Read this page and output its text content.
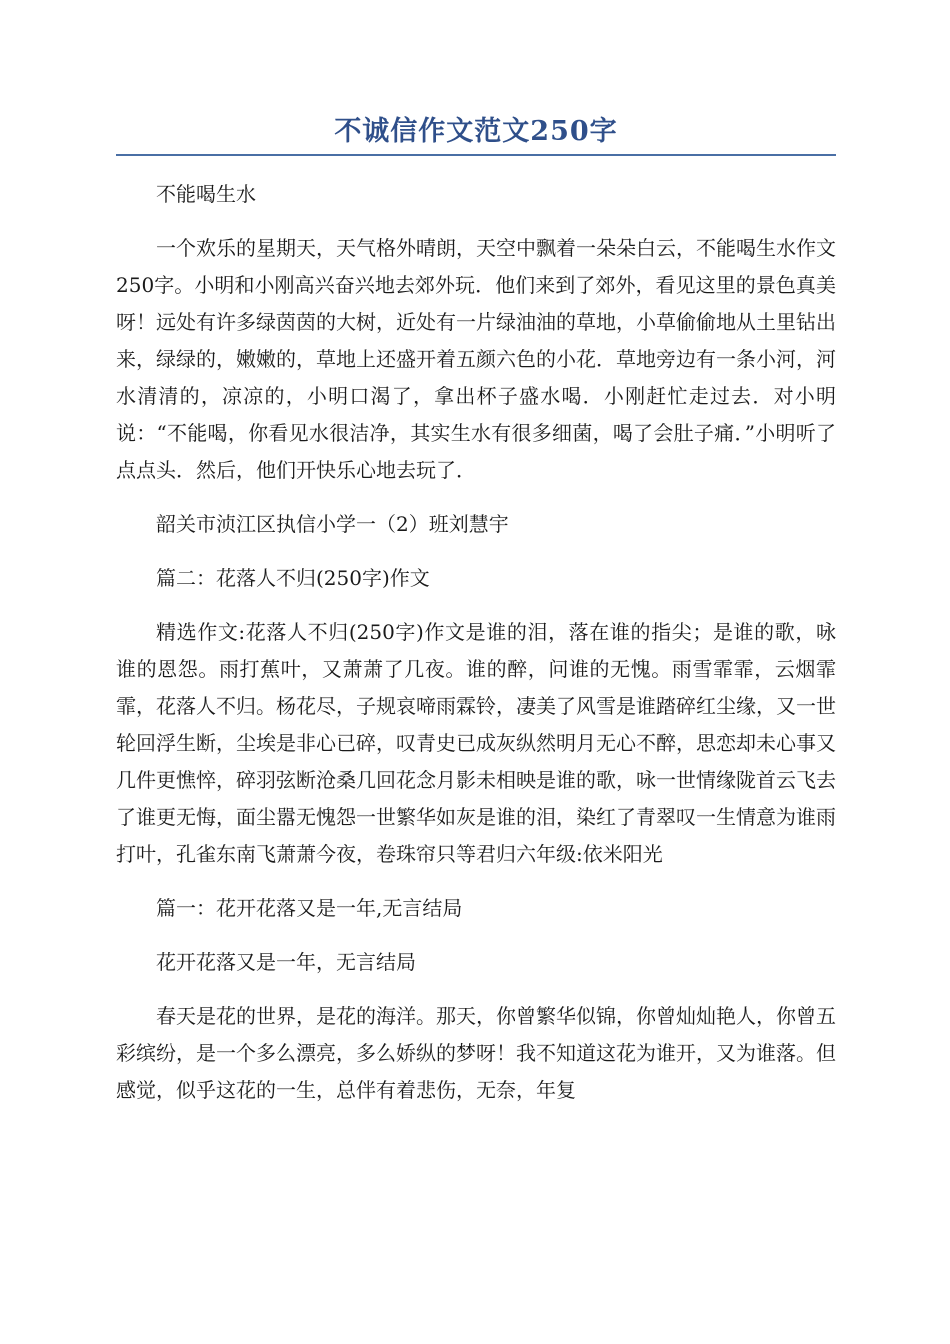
不诚信作文范文250字

不能喝生水

一个欢乐的星期天，天气格外晴朗，天空中飘着一朵朵白云，不能喝生水作文250字。小明和小刚高兴奋兴地去郊外玩．他们来到了郊外，看见这里的景色真美呀！远处有许多绿茵茵的大树，近处有一片绿油油的草地，小草偷偷地从土里钻出来，绿绿的，嫩嫩的，草地上还盛开着五颜六色的小花．草地旁边有一条小河，河水清清的，凉凉的，小明口渴了，拿出杯子盛水喝．小刚赶忙走过去．对小明说：“不能喝，你看见水很洁净，其实生水有很多细菌，喝了会肚子痛．”小明听了点点头．然后，他们开快乐心地去玩了．

韶关市浈江区执信小学一（2）班刘慧宇

篇二：花落人不归(250字)作文

精选作文:花落人不归(250字)作文是谁的泪，落在谁的指尖；是谁的歌，咏谁的恩怨。雨打蕉叶，又萧萧了几夜。谁的醉，问谁的无愧。雨雪霏霏，云烟霏霏，花落人不归。杨花尽，子规哀啼雨霖铃，凄美了风雪是谁踏碎红尘缘，又一世轮回浮生断，尘埃是非心已碎，叹青史已成灰纵然明月无心不醉，思恋却未心事又几件更憔悴，碎羽弦断沧桑几回花念月影未相映是谁的歌，咏一世情缘陇首云飞去了谁更无悔，面尘嚣无愧怨一世繁华如灰是谁的泪，染红了青翠叹一生情意为谁雨打叶，孔雀东南飞萧萧今夜，卷珠帘只等君归六年级:依米阳光

篇一：花开花落又是一年,无言结局

花开花落又是一年，无言结局

春天是花的世界，是花的海洋。那天，你曾繁华似锦，你曾灿灿艳人，你曾五彩缤纷，是一个多么漂亮，多么娇纵的梦呀！我不知道这花为谁开，又为谁落。但感觉，似乎这花的一生，总伴有着悲伤，无奈，年复
